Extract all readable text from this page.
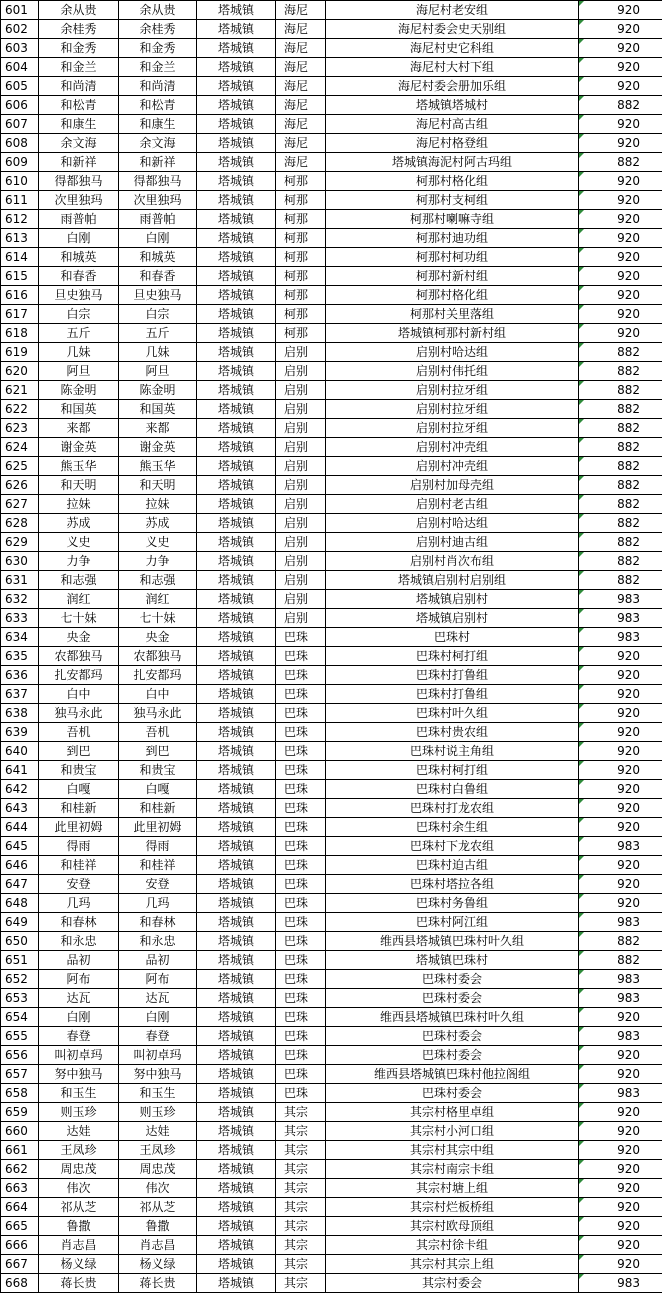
601	余从贵	余从贵	塔城镇	海尼	海尼村老安组	920
602	余桂秀	余桂秀	塔城镇	海尼	海尼村委会史天别组	920
603	和金秀	和金秀	塔城镇	海尼	海尼村史它科组	920
604	和金兰	和金兰	塔城镇	海尼	海尼村大村下组	920
605	和尚清	和尚清	塔城镇	海尼	海尼村委会册加乐组	920
606	和松青	和松青	塔城镇	海尼	塔城镇塔城村	882
607	和康生	和康生	塔城镇	海尼	海尼村高古组	920
608	余文海	余文海	塔城镇	海尼	海尼村格登组	920
609	和新祥	和新祥	塔城镇	海尼	塔城镇海泥村阿古玛组	882
610	得都独马	得都独马	塔城镇	柯那	柯那村格化组	920
611	次里独玛	次里独玛	塔城镇	柯那	柯那村支柯组	920
612	雨普帕	雨普帕	塔城镇	柯那	柯那村喇嘛寺组	920
613	白刚	白刚	塔城镇	柯那	柯那村迪功组	920
614	和城英	和城英	塔城镇	柯那	柯那村柯功组	920
615	和春香	和春香	塔城镇	柯那	柯那村新村组	920
616	旦史独马	旦史独马	塔城镇	柯那	柯那村格化组	920
617	白宗	白宗	塔城镇	柯那	柯那村关里落组	920
618	五斤	五斤	塔城镇	柯那	塔城镇柯那村新村组	920
619	几妹	几妹	塔城镇	启别	启别村哈达组	882
620	阿旦	阿旦	塔城镇	启别	启别村伟托组	882
621	陈金明	陈金明	塔城镇	启别	启别村拉牙组	882
622	和国英	和国英	塔城镇	启别	启别村拉牙组	882
623	来都	来都	塔城镇	启别	启别村拉牙组	882
624	谢金英	谢金英	塔城镇	启别	启别村冲壳组	882
625	熊玉华	熊玉华	塔城镇	启别	启别村冲壳组	882
626	和天明	和天明	塔城镇	启别	启别村加母壳组	882
627	拉妹	拉妹	塔城镇	启别	启别村老古组	882
628	苏成	苏成	塔城镇	启别	启别村哈达组	882
629	义史	义史	塔城镇	启别	启别村迪古组	882
630	力争	力争	塔城镇	启别	启别村肖次布组	882
631	和志强	和志强	塔城镇	启别	塔城镇启别村启别组	882
632	润红	润红	塔城镇	启别	塔城镇启别村	983
633	七十妹	七十妹	塔城镇	启别	塔城镇启别村	983
634	央金	央金	塔城镇	巴珠	巴珠村	983
635	农都独马	农都独马	塔城镇	巴珠	巴珠村柯打组	920
636	扎安都玛	扎安都玛	塔城镇	巴珠	巴珠村打鲁组	920
637	白中	白中	塔城镇	巴珠	巴珠村打鲁组	920
638	独马永此	独马永此	塔城镇	巴珠	巴珠村叶久组	920
639	吾机	吾机	塔城镇	巴珠	巴珠村贵农组	920
640	到巴	到巴	塔城镇	巴珠	巴珠村说主角组	920
641	和贵宝	和贵宝	塔城镇	巴珠	巴珠村柯打组	920
642	白嘎	白嘎	塔城镇	巴珠	巴珠村白鲁组	920
643	和桂新	和桂新	塔城镇	巴珠	巴珠村打龙农组	920
644	此里初姆	此里初姆	塔城镇	巴珠	巴珠村余生组	920
645	得雨	得雨	塔城镇	巴珠	巴珠村下龙农组	983
646	和桂祥	和桂祥	塔城镇	巴珠	巴珠村迫古组	920
647	安登	安登	塔城镇	巴珠	巴珠村塔拉各组	920
648	几玛	几玛	塔城镇	巴珠	巴珠村务鲁组	920
649	和春林	和春林	塔城镇	巴珠	巴珠村阿江组	983
650	和永忠	和永忠	塔城镇	巴珠	维西县塔城镇巴珠村叶久组	882
651	品初	品初	塔城镇	巴珠	塔城镇巴珠村	882
652	阿布	阿布	塔城镇	巴珠	巴珠村委会	983
653	达瓦	达瓦	塔城镇	巴珠	巴珠村委会	983
654	白刚	白刚	塔城镇	巴珠	维西县塔城镇巴珠村叶久组	920
655	春登	春登	塔城镇	巴珠	巴珠村委会	983
656	叫初卓玛	叫初卓玛	塔城镇	巴珠	巴珠村委会	920
657	努中独马	努中独马	塔城镇	巴珠	维西县塔城镇巴珠村他拉阁组	920
658	和玉生	和玉生	塔城镇	巴珠	巴珠村委会	983
659	则玉珍	则玉珍	塔城镇	其宗	其宗村格里卓组	920
660	达娃	达娃	塔城镇	其宗	其宗村小河口组	920
661	王凤珍	王凤珍	塔城镇	其宗	其宗村其宗中组	920
662	周忠茂	周忠茂	塔城镇	其宗	其宗村南宗卡组	920
663	伟次	伟次	塔城镇	其宗	其宗村塘上组	920
664	祁从芝	祁从芝	塔城镇	其宗	其宗村烂板桥组	920
665	鲁撒	鲁撒	塔城镇	其宗	其宗村欧母顶组	920
666	肖志昌	肖志昌	塔城镇	其宗	其宗村徐卡组	920
667	杨义绿	杨义绿	塔城镇	其宗	其宗村其宗上组	920
668	蒋长贵	蒋长贵	塔城镇	其宗	其宗村委会	983
